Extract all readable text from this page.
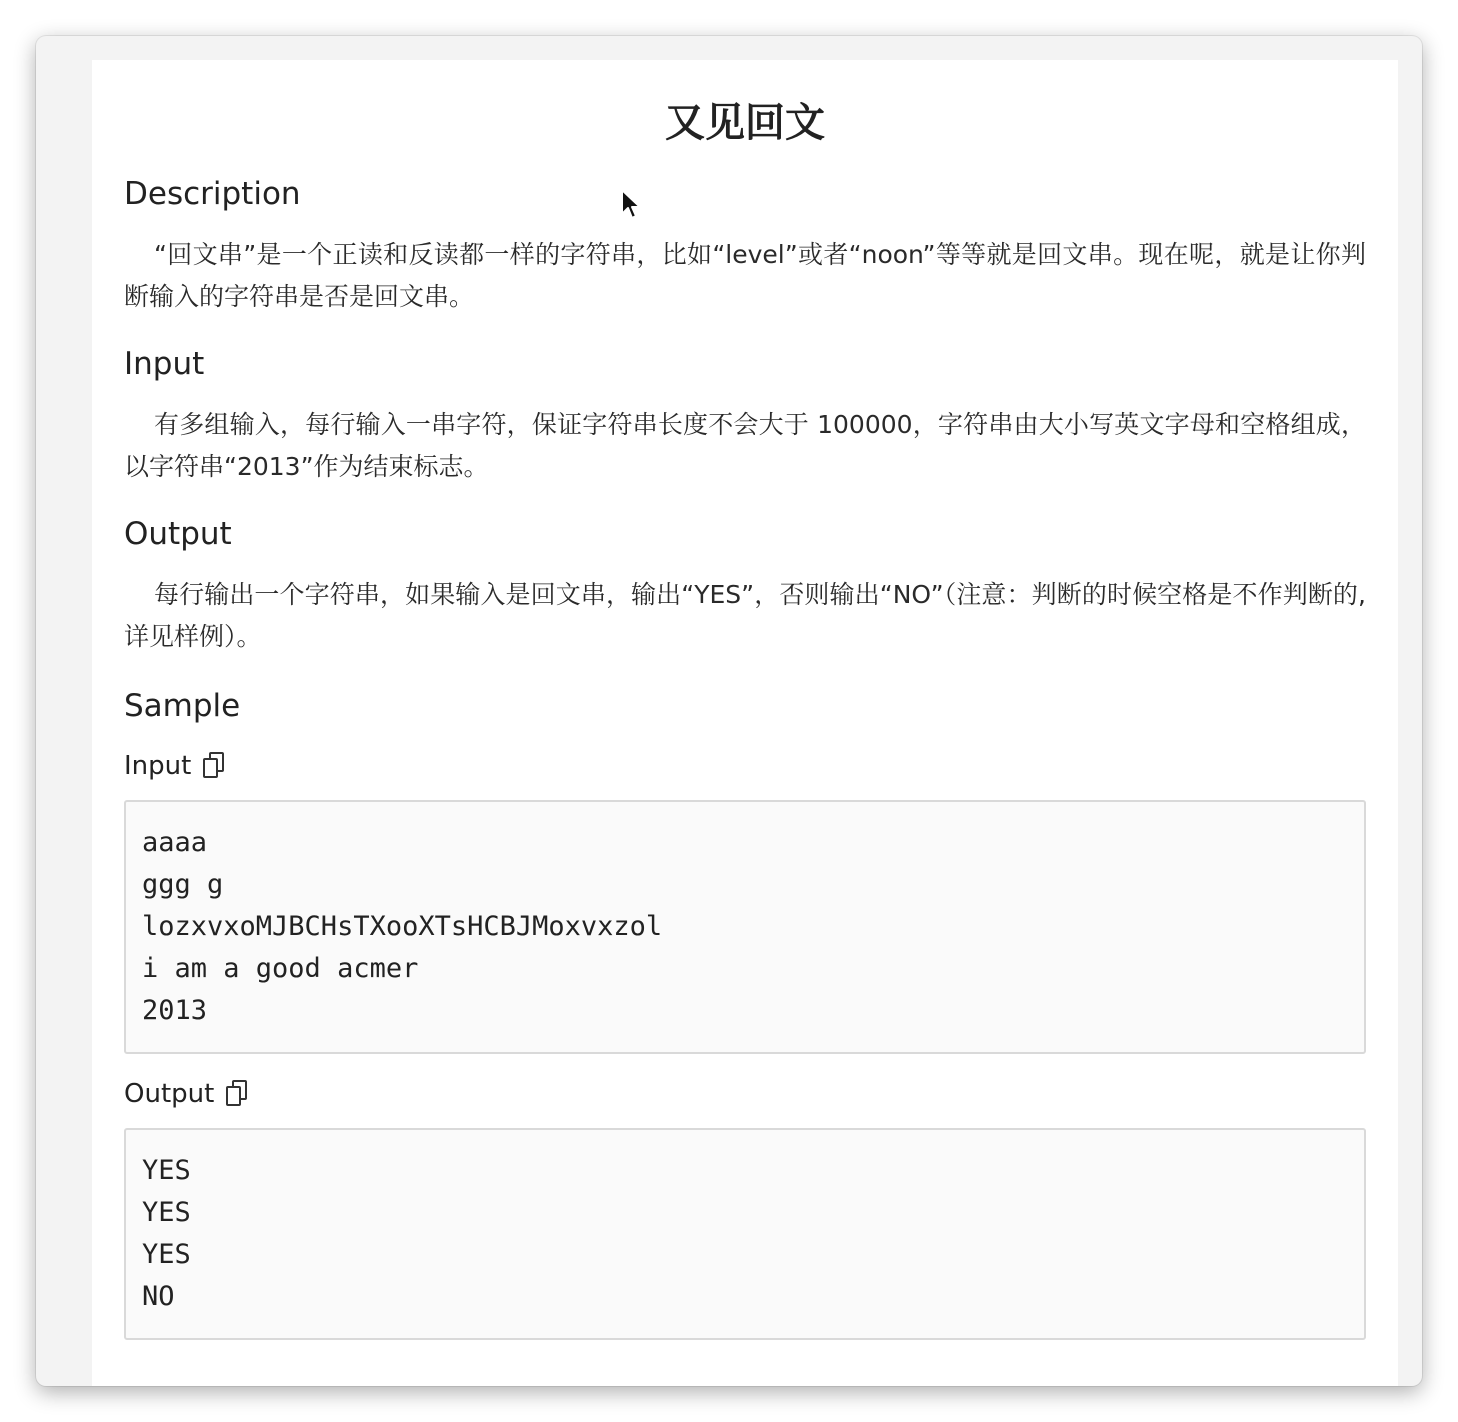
又见回文
Description

“回文串”是一个正读和反读都一样的字符串，比如“level”或者“noon”等等就是回文串。现在呢，就是让你判断输入的字符串是否是回文串。

Input

有多组输入，每行输入一串字符，保证字符串长度不会大于 100000，字符串由大小写英文字母和空格组成，以字符串“2013”作为结束标志。

Output

每行输出一个字符串，如果输入是回文串，输出“YES”，否则输出“NO”（注意：判断的时候空格是不作判断的,详见样例）。

Sample
Input
aaaa
ggg g
lozxvxoMJBCHsTXooXTsHCBJMoxvxzol
i am a good acmer
2013
Output
YES
YES
YES
NO
